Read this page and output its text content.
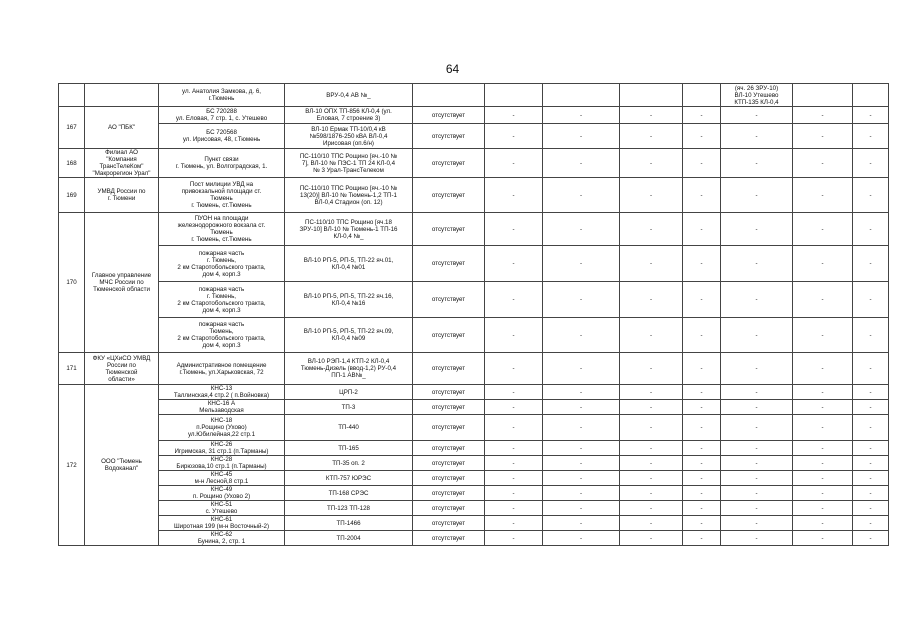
64
		ул. Анатолия Замкова, д. 6,
г.Тюмень	ВРУ-0,4 АВ №_						(яч. 26 ЗРУ-10)
ВЛ-10 Утешево
КТП-135 КЛ-0,4		
167	АО "ПБК"	БС 720288
ул. Еловая, 7 стр. 1, с. Утешево	ВЛ-10 ОПХ ТП-856 КЛ-0,4 (ул.
Еловая, 7 строение 3)	отсутствует	-	-	-	-	-	-	-
		БС 720568
ул. Ирисовая, 48, г.Тюмень	ВЛ-10 Ермак ТП-10/0,4 кВ
№598/1876-250 кВА ВЛ-0,4
Ирисовая (оп.6/н)	отсутствует	-	-	-	-	-	-	-
168	Филиал АО
"Компания
ТрансТелеКом"
"Макрорегион Урал"	Пункт связи
г. Тюмень, ул. Волгоградская, 1.	ПС-110/10 ТПС Рощино [яч.-10 №
7], ВЛ-10 № ПЭС-1 ТП 24 КЛ-0,4
№ 3 Урал-ТрансТелеком	отсутствует	-	-	-	-	-	-	-
169	УМВД России по
г. Тюмени	Пост милиции УВД на
привокзальной площади ст.
Тюмень
г. Тюмень, ст.Тюмень	ПС-110/10 ТПС Рощино [яч.-10 №
13(20)] ВЛ-10 № Тюмень-1,2 ТП-1
ВЛ-0,4 Стадион (оп. 12)	отсутствует	-	-	-	-	-	-	-
170	Главное управление
МЧС России по
Тюменской области	ПУОН на площади
железнодорожного вокзала ст.
Тюмень
г. Тюмень, ст.Тюмень	ПС-110/10 ТПС Рощино [яч.18
ЗРУ-10] ВЛ-10 № Тюмень-1 ТП-16
КЛ-0,4 №_	отсутствует	-	-	-	-	-	-	-
		пожарная часть
г. Тюмень,
2 км Старотобольского тракта,
дом 4, корп.3	ВЛ-10 РП-5, РП-5, ТП-22 яч.01,
КЛ-0,4 №01	отсутствует	-	-	-	-	-	-	-
		пожарная часть
г. Тюмень,
2 км Старотобольского тракта,
дом 4, корп.3	ВЛ-10 РП-5, РП-5, ТП-22 яч.16,
КЛ-0,4 №16	отсутствует	-	-	-	-	-	-	-
		пожарная часть
Тюмень,
2 км Старотобольского тракта,
дом 4, корп.3	ВЛ-10 РП-5, РП-5, ТП-22 яч.09,
КЛ-0,4 №09	отсутствует	-	-	-	-	-	-	-
171	ФКУ «ЦХиСО УМВД
России по
Тюменской
области»	Административное помещение
г.Тюмень, ул.Харьковская, 72	ВЛ-10 РЭП-1,4 КТП-2 КЛ-0,4
Тюмень-Дизель (ввод-1,2) РУ-0,4
ПП-1 АВ№_	отсутствует	-	-	-	-	-	-	-
172	ООО "Тюмень
Водоканал"	КНС-13
Таллинская,4 стр.2 ( п.Войновка)	ЦРП-2	отсутствует	-	-	-	-	-	-	-
		КНС-16 А
Мельзаводская	ТП-3	отсутствует	-	-	-	-	-	-	-
		КНС-18
п.Рощино (Ухово)
ул.Юбилейная,22 стр.1	ТП-440	отсутствует	-	-	-	-	-	-	-
		КНС-26
Игримская, 31 стр.1 (п.Тарманы)	ТП-165	отсутствует	-	-	-	-	-	-	-
		КНС-28
Бирюзова,10 стр.1 (п.Тарманы)	ТП-35 оп. 2	отсутствует	-	-	-	-	-	-	-
		КНС-45
м-н Лесной,8 стр.1	КТП-757 ЮРЭС	отсутствует	-	-	-	-	-	-	-
		КНС-49
п. Рощино (Ухово 2)	ТП-168 СРЭС	отсутствует	-	-	-	-	-	-	-
		КНС-51
с. Утешево	ТП-123 ТП-128	отсутствует	-	-	-	-	-	-	-
		КНС-61
Широтная 199 (м-н Восточный-2)	ТП-1466	отсутствует	-	-	-	-	-	-	-
		КНС-62
Бунина, 2, стр. 1	ТП-2004	отсутствует	-	-	-	-	-	-	-
